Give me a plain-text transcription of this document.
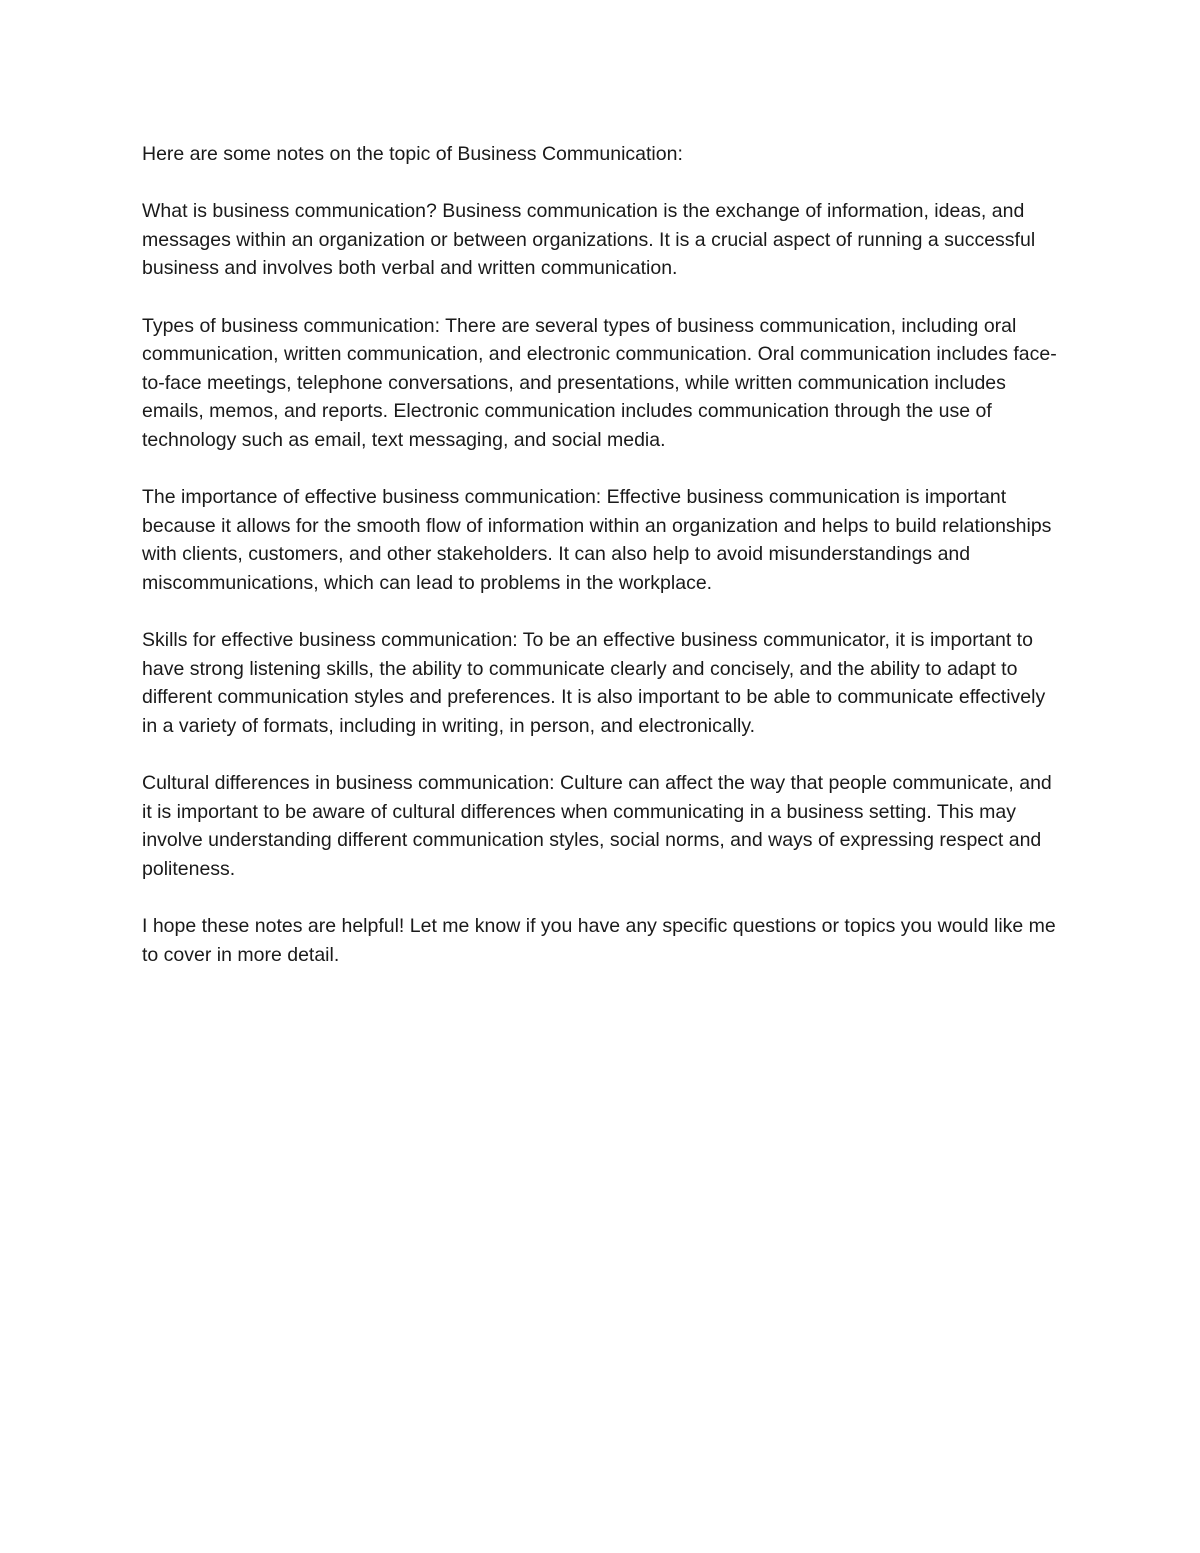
Here are some notes on the topic of Business Communication:

What is business communication? Business communication is the exchange of information, ideas, and messages within an organization or between organizations. It is a crucial aspect of running a successful business and involves both verbal and written communication.

Types of business communication: There are several types of business communication, including oral communication, written communication, and electronic communication. Oral communication includes face-to-face meetings, telephone conversations, and presentations, while written communication includes emails, memos, and reports. Electronic communication includes communication through the use of technology such as email, text messaging, and social media.

The importance of effective business communication: Effective business communication is important because it allows for the smooth flow of information within an organization and helps to build relationships with clients, customers, and other stakeholders. It can also help to avoid misunderstandings and miscommunications, which can lead to problems in the workplace.

Skills for effective business communication: To be an effective business communicator, it is important to have strong listening skills, the ability to communicate clearly and concisely, and the ability to adapt to different communication styles and preferences. It is also important to be able to communicate effectively in a variety of formats, including in writing, in person, and electronically.

Cultural differences in business communication: Culture can affect the way that people communicate, and it is important to be aware of cultural differences when communicating in a business setting. This may involve understanding different communication styles, social norms, and ways of expressing respect and politeness.

I hope these notes are helpful! Let me know if you have any specific questions or topics you would like me to cover in more detail.
